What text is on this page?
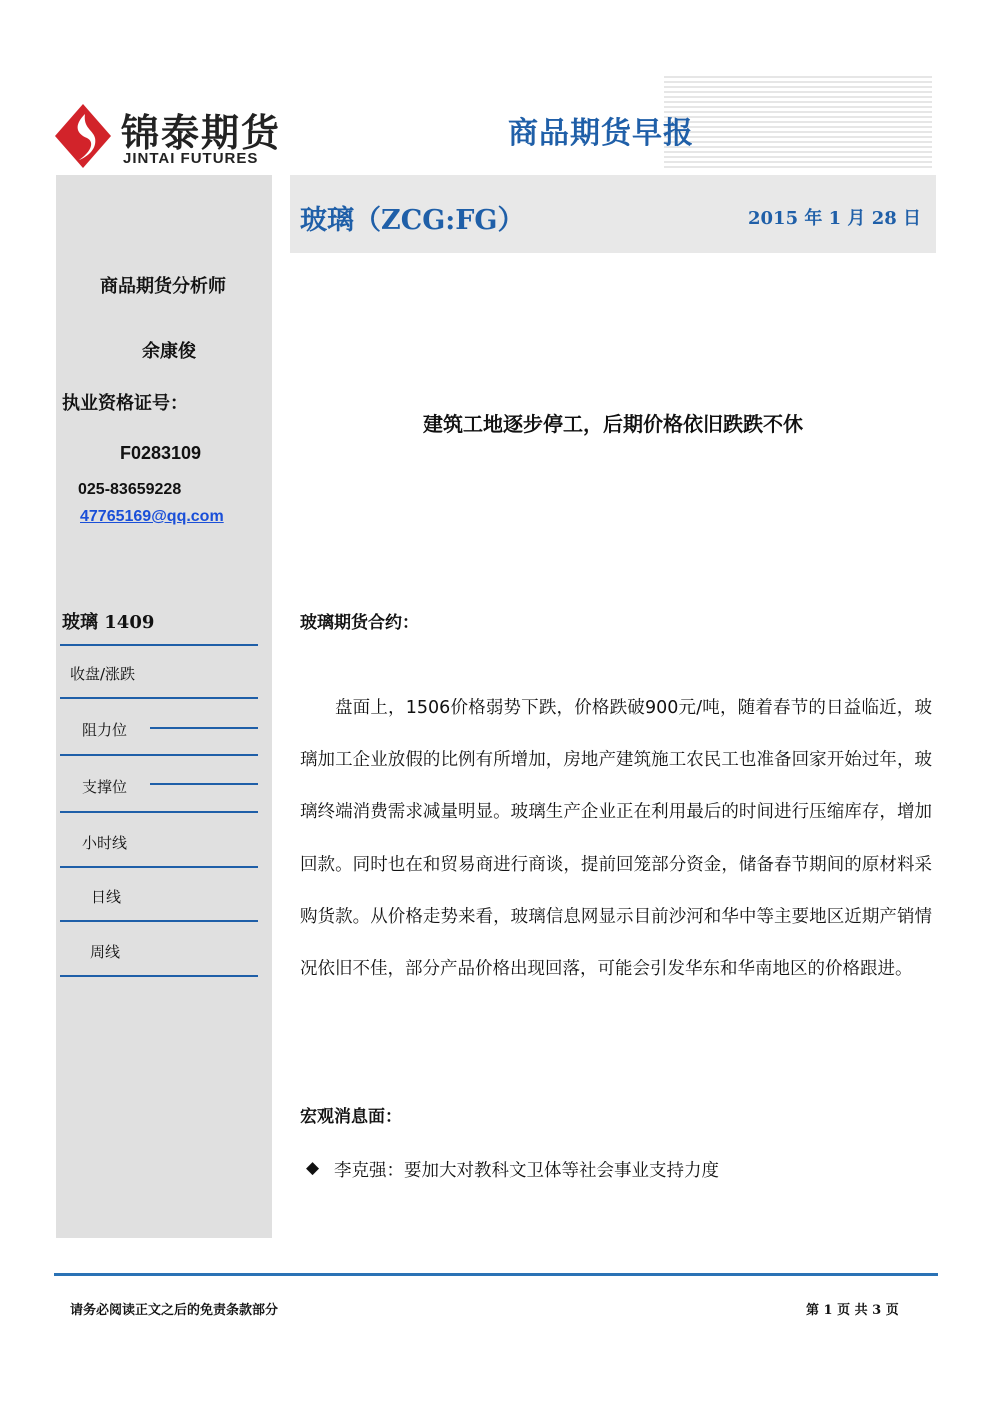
锦泰期货
JINTAI FUTURES
商品期货早报
商品期货分析师
余康俊
执业资格证号：
F0283109
025-83659228
47765169@qq.com
玻璃 1409
收盘/涨跌
阻力位
支撑位
小时线
日线
周线
玻璃（ZCG:FG）	2015 年 1 月 28 日
建筑工地逐步停工，后期价格依旧跌跌不休
玻璃期货合约：

盘面上，1506价格弱势下跌，价格跌破900元/吨，随着春节的日益临近，玻璃加工企业放假的比例有所增加，房地产建筑施工农民工也准备回家开始过年，玻璃终端消费需求减量明显。玻璃生产企业正在利用最后的时间进行压缩库存，增加回款。同时也在和贸易商进行商谈，提前回笼部分资金，储备春节期间的原材料采购货款。从价格走势来看，玻璃信息网显示目前沙河和华中等主要地区近期产销情况依旧不佳，部分产品价格出现回落，可能会引发华东和华南地区的价格跟进。

宏观消息面：
◆ 李克强：要加大对教科文卫体等社会事业支持力度
请务必阅读正文之后的免责条款部分	第 1 页 共 3 页
